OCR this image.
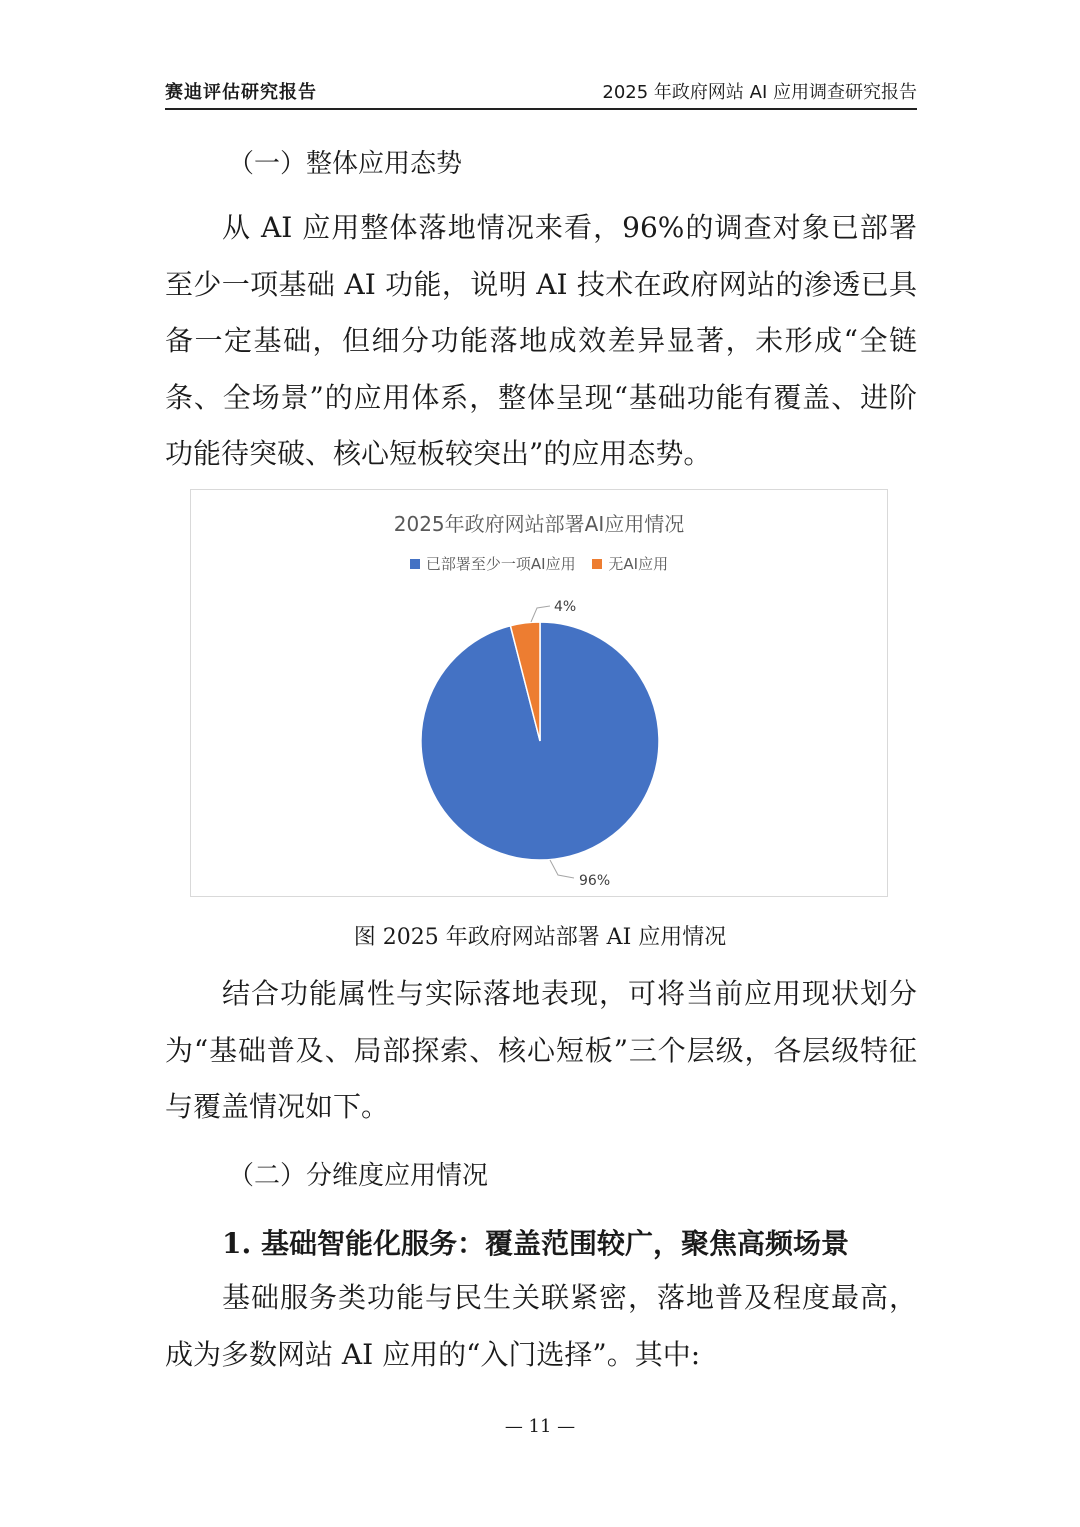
赛迪评估研究报告	2025 年政府网站 AI 应用调查研究报告
（一）整体应用态势

从 AI 应用整体落地情况来看，96%的调查对象已部署至少一项基础 AI 功能，说明 AI 技术在政府网站的渗透已具备一定基础，但细分功能落地成效差异显著，未形成“全链条、全场景”的应用体系，整体呈现“基础功能有覆盖、进阶功能待突破、核心短板较突出”的应用态势。

2025年政府网站部署AI应用情况
已部署至少一项AI应用 无AI应用
96%
4%
图 2025 年政府网站部署 AI 应用情况

结合功能属性与实际落地表现，可将当前应用现状划分为“基础普及、局部探索、核心短板”三个层级，各层级特征与覆盖情况如下。

（二）分维度应用情况
1. 基础智能化服务：覆盖范围较广，聚焦高频场景

基础服务类功能与民生关联紧密，落地普及程度最高，成为多数网站 AI 应用的“入门选择”。其中:

— 11 —
